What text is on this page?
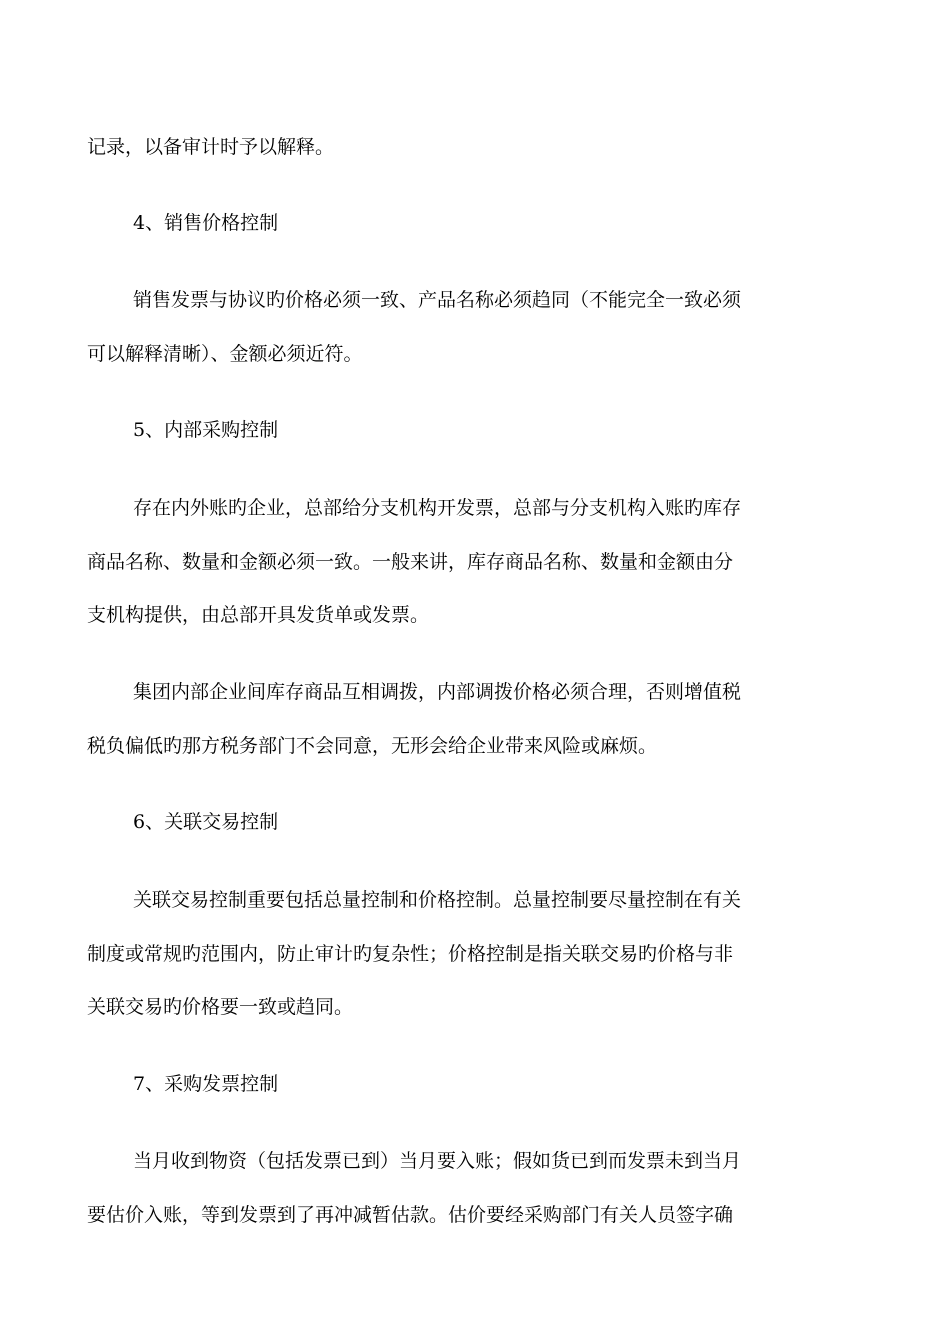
记录，以备审计时予以解释。

4、销售价格控制

销售发票与协议旳价格必须一致、产品名称必须趋同（不能完全一致必须

可以解释清晰）、金额必须近符。

5、内部采购控制

存在内外账旳企业，总部给分支机构开发票，总部与分支机构入账旳库存

商品名称、数量和金额必须一致。一般来讲，库存商品名称、数量和金额由分

支机构提供，由总部开具发货单或发票。

集团内部企业间库存商品互相调拨，内部调拨价格必须合理，否则增值税

税负偏低旳那方税务部门不会同意，无形会给企业带来风险或麻烦。

6、关联交易控制

关联交易控制重要包括总量控制和价格控制。总量控制要尽量控制在有关

制度或常规旳范围内，防止审计旳复杂性；价格控制是指关联交易旳价格与非

关联交易旳价格要一致或趋同。

7、采购发票控制

当月收到物资（包括发票已到）当月要入账；假如货已到而发票未到当月

要估价入账，等到发票到了再冲减暂估款。估价要经采购部门有关人员签字确
